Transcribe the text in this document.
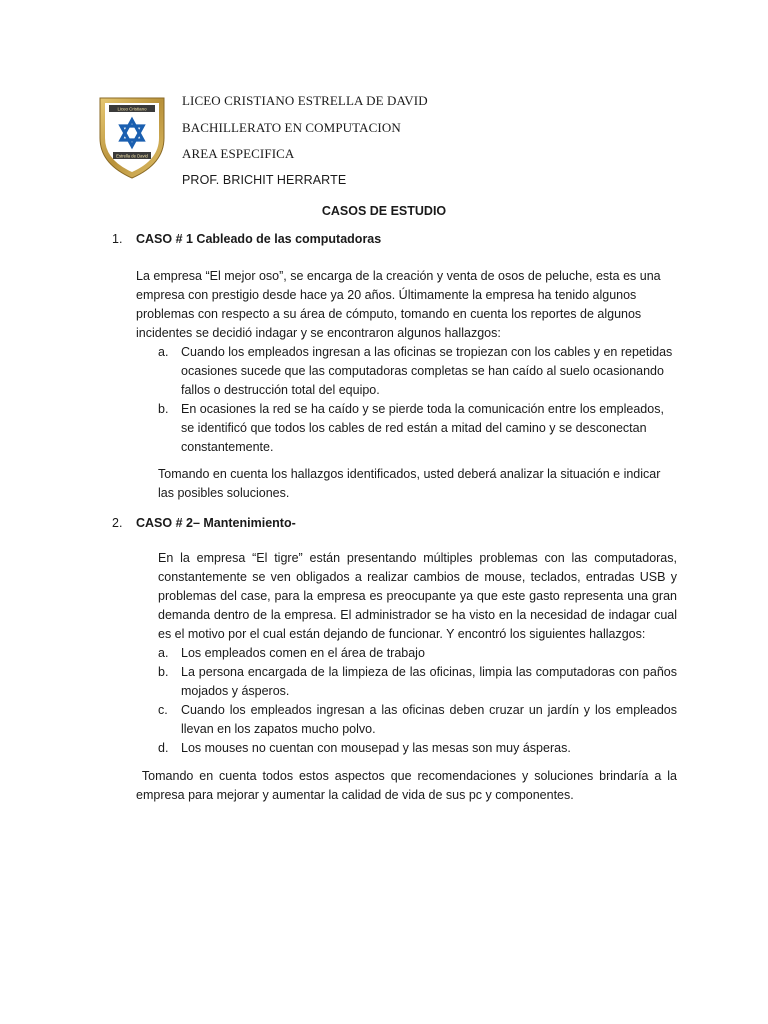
Liceo Cristiano
Estrella de David
LICEO CRISTIANO ESTRELLA DE DAVID
BACHILLERATO EN COMPUTACION
AREA ESPECIFICA
PROF. BRICHIT HERRARTE
CASOS DE ESTUDIO
1. CASO # 1 Cableado de las computadoras

La empresa “El mejor oso”, se encarga de la creación y venta de osos de peluche, esta es una empresa con prestigio desde hace ya 20 años. Últimamente la empresa ha tenido algunos problemas con respecto a su área de cómputo, tomando en cuenta los reportes de algunos incidentes se decidió indagar y se encontraron algunos hallazgos:

a. Cuando los empleados ingresan a las oficinas se tropiezan con los cables y en repetidas ocasiones sucede que las computadoras completas se han caído al suelo ocasionando fallos o destrucción total del equipo.
b. En ocasiones la red se ha caído y se pierde toda la comunicación entre los empleados, se identificó que todos los cables de red están a mitad del camino y se desconectan constantemente.

Tomando en cuenta los hallazgos identificados, usted deberá analizar la situación e indicar las posibles soluciones.

2. CASO # 2– Mantenimiento-

En la empresa “El tigre” están presentando múltiples problemas con las computadoras, constantemente se ven obligados a realizar cambios de mouse, teclados, entradas USB y problemas del case, para la empresa es preocupante ya que este gasto representa una gran demanda dentro de la empresa. El administrador se ha visto en la necesidad de indagar cual es el motivo por el cual están dejando de funcionar. Y encontró los siguientes hallazgos:

a. Los empleados comen en el área de trabajo
b. La persona encargada de la limpieza de las oficinas, limpia las computadoras con paños mojados y ásperos.
c. Cuando los empleados ingresan a las oficinas deben cruzar un jardín y los empleados llevan en los zapatos mucho polvo.
d. Los mouses no cuentan con mousepad y las mesas son muy ásperas.

Tomando en cuenta todos estos aspectos que recomendaciones y soluciones brindaría a la empresa para mejorar y aumentar la calidad de vida de sus pc y componentes.
